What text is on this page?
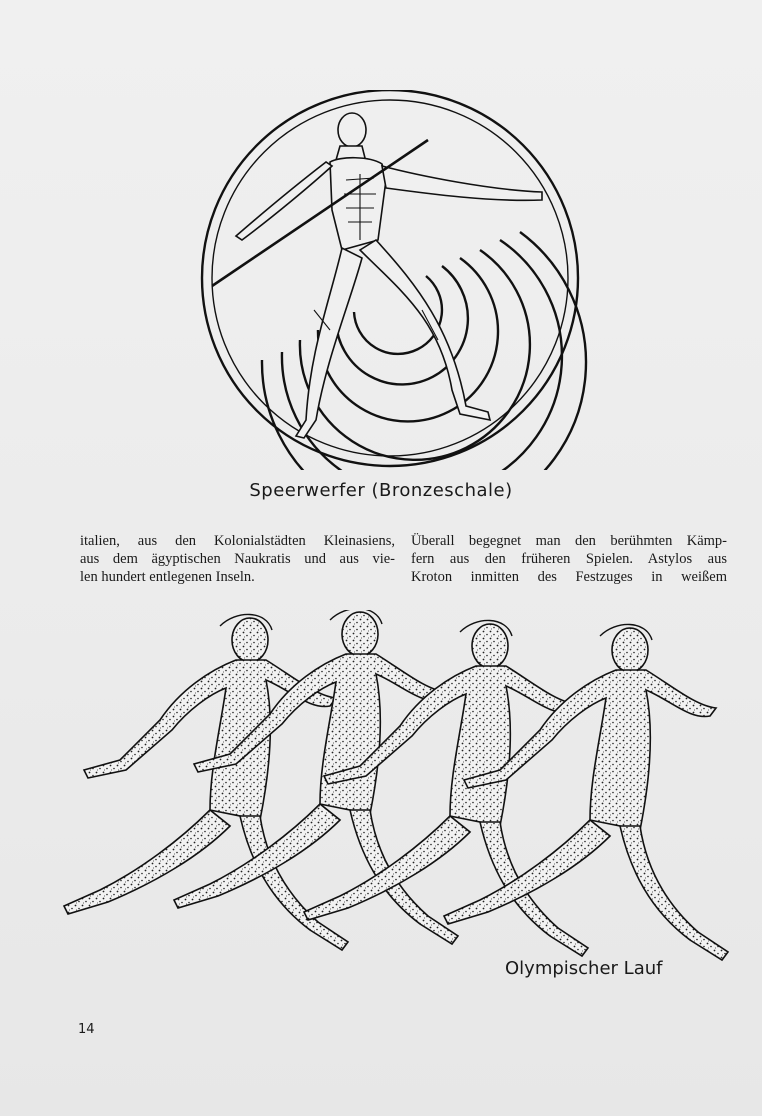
Speerwerfer (Bronzeschale)
italien, aus den Kolonialstädten Kleinasiens,
aus dem ägyptischen Naukratis und aus vie-
len hundert entlegenen Inseln.
Überall begegnet man den berühmten Kämp-
fern aus den früheren Spielen. Astylos aus
Kroton inmitten des Festzuges in weißem
Olympischer Lauf
14
